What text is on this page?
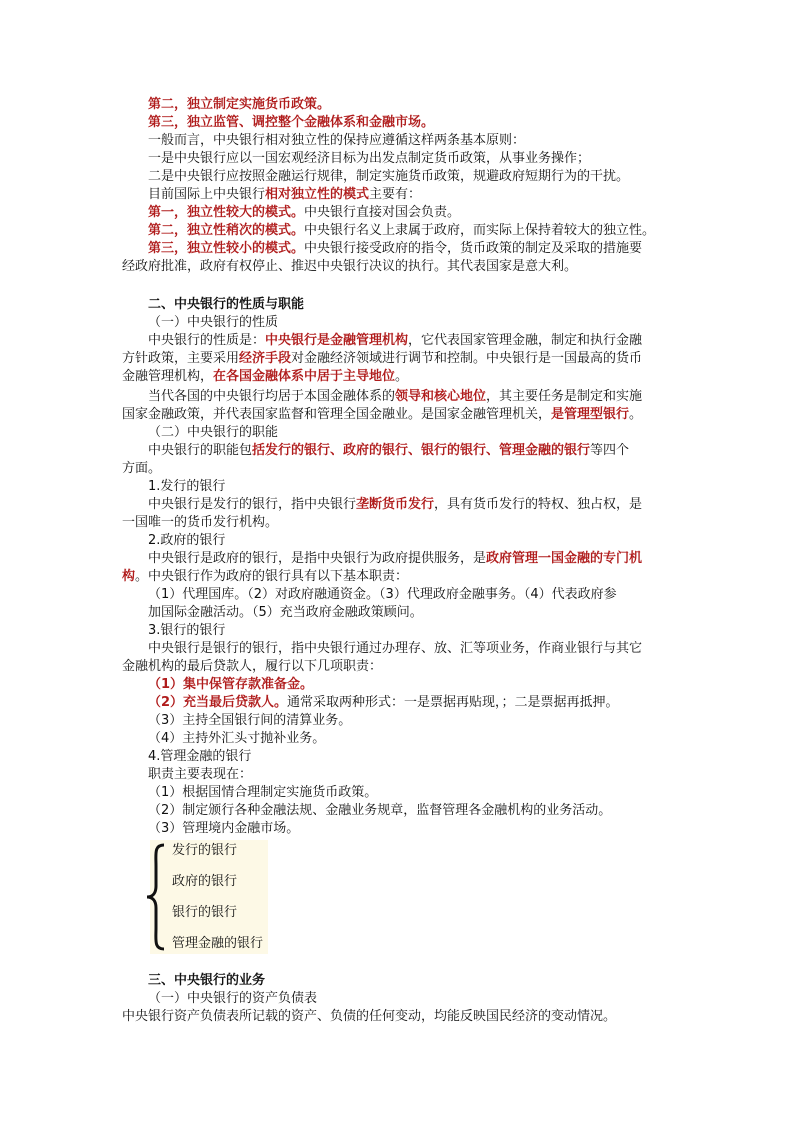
第二，独立制定实施货币政策。
第三，独立监管、调控整个金融体系和金融市场。
一般而言，中央银行相对独立性的保持应遵循这样两条基本原则：
一是中央银行应以一国宏观经济目标为出发点制定货币政策，从事业务操作；
二是中央银行应按照金融运行规律，制定实施货币政策，规避政府短期行为的干扰。
目前国际上中央银行相对独立性的模式主要有：
第一，独立性较大的模式。中央银行直接对国会负责。
第二，独立性稍次的模式。中央银行名义上隶属于政府，而实际上保持着较大的独立性。
第三，独立性较小的模式。中央银行接受政府的指令，货币政策的制定及采取的措施要
经政府批准，政府有权停止、推迟中央银行决议的执行。其代表国家是意大利。
二、中央银行的性质与职能
（一）中央银行的性质
中央银行的性质是：中央银行是金融管理机构，它代表国家管理金融，制定和执行金融
方针政策，主要采用经济手段对金融经济领域进行调节和控制。中央银行是一国最高的货币
金融管理机构，在各国金融体系中居于主导地位。
当代各国的中央银行均居于本国金融体系的领导和核心地位，其主要任务是制定和实施
国家金融政策，并代表国家监督和管理全国金融业。是国家金融管理机关，是管理型银行。
（二）中央银行的职能
中央银行的职能包括发行的银行、政府的银行、银行的银行、管理金融的银行等四个
方面。
1.发行的银行
中央银行是发行的银行，指中央银行垄断货币发行，具有货币发行的特权、独占权，是
一国唯一的货币发行机构。
2.政府的银行
中央银行是政府的银行，是指中央银行为政府提供服务，是政府管理一国金融的专门机
构。中央银行作为政府的银行具有以下基本职责：
（1）代理国库。（2）对政府融通资金。（3）代理政府金融事务。（4）代表政府参
加国际金融活动。（5）充当政府金融政策顾问。
3.银行的银行
中央银行是银行的银行，指中央银行通过办理存、放、汇等项业务，作商业银行与其它
金融机构的最后贷款人，履行以下几项职责：
（1）集中保管存款准备金。
（2）充当最后贷款人。通常采取两种形式：一是票据再贴现，；二是票据再抵押。
（3）主持全国银行间的清算业务。
（4）主持外汇头寸抛补业务。
4.管理金融的银行
职责主要表现在：
（1）根据国情合理制定实施货币政策。
（2）制定颁行各种金融法规、金融业务规章，监督管理各金融机构的业务活动。
（3）管理境内金融市场。
发行的银行
政府的银行
银行的银行
管理金融的银行
三、中央银行的业务
（一）中央银行的资产负债表
中央银行资产负债表所记载的资产、负债的任何变动，均能反映国民经济的变动情况。
